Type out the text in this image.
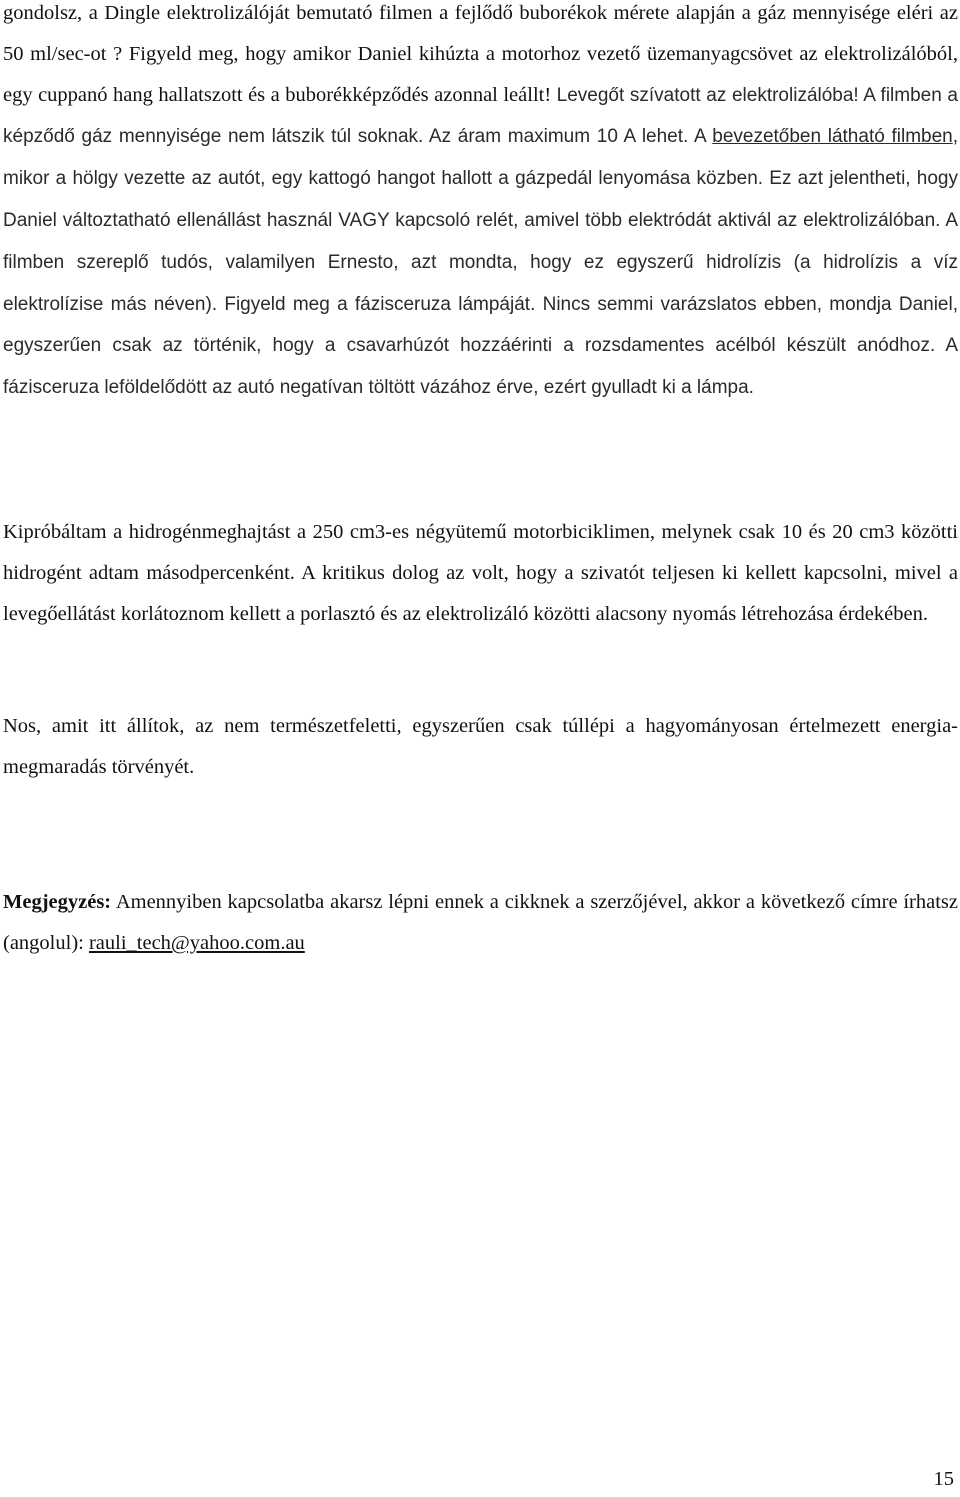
gondolsz, a Dingle elektrolizálóját bemutató filmen a fejlődő buborékok mérete alapján a gáz mennyisége eléri az 50 ml/sec-ot ? Figyeld meg, hogy amikor Daniel kihúzta a motorhoz vezető üzemanyagcsövet az elektrolizálóból, egy cuppanó hang hallatszott és a buborékképződés azonnal leállt! Levegőt szívatott az elektrolizálóba! A filmben a képződő gáz mennyisége nem látszik túl soknak. Az áram maximum 10 A lehet. A bevezetőben látható filmben, mikor a hölgy vezette az autót, egy kattogó hangot hallott a gázpedál lenyomása közben. Ez azt jelentheti, hogy Daniel változtatható ellenállást használ VAGY kapcsoló relét, amivel több elektródát aktivál az elektrolizálóban. A filmben szereplő tudós, valamilyen Ernesto, azt mondta, hogy ez egyszerű hidrolízis (a hidrolízis a víz elektrolízise más néven). Figyeld meg a fázisceruza lámpáját. Nincs semmi varázslatos ebben, mondja Daniel, egyszerűen csak az történik, hogy a csavarhúzót hozzáérinti a rozsdamentes acélból készült anódhoz. A fázisceruza leföldelődött az autó negatívan töltött vázához érve, ezért gyulladt ki a lámpa.
Kipróbáltam a hidrogénmeghajtást a 250 cm3-es négyütemű motorbiciklimen, melynek csak 10 és 20 cm3 közötti hidrogént adtam másodpercenként. A kritikus dolog az volt, hogy a szivatót teljesen ki kellett kapcsolni, mivel a levegőellátást korlátoznom kellett a porlasztó és az elektrolizáló közötti alacsony nyomás létrehozása érdekében.
Nos, amit itt állítok, az nem természetfeletti, egyszerűen csak túllépi a hagyományosan értelmezett energia-megmaradás törvényét.
Megjegyzés: Amennyiben kapcsolatba akarsz lépni ennek a cikknek a szerzőjével, akkor a következő címre írhatsz (angolul): rauli_tech@yahoo.com.au
15
